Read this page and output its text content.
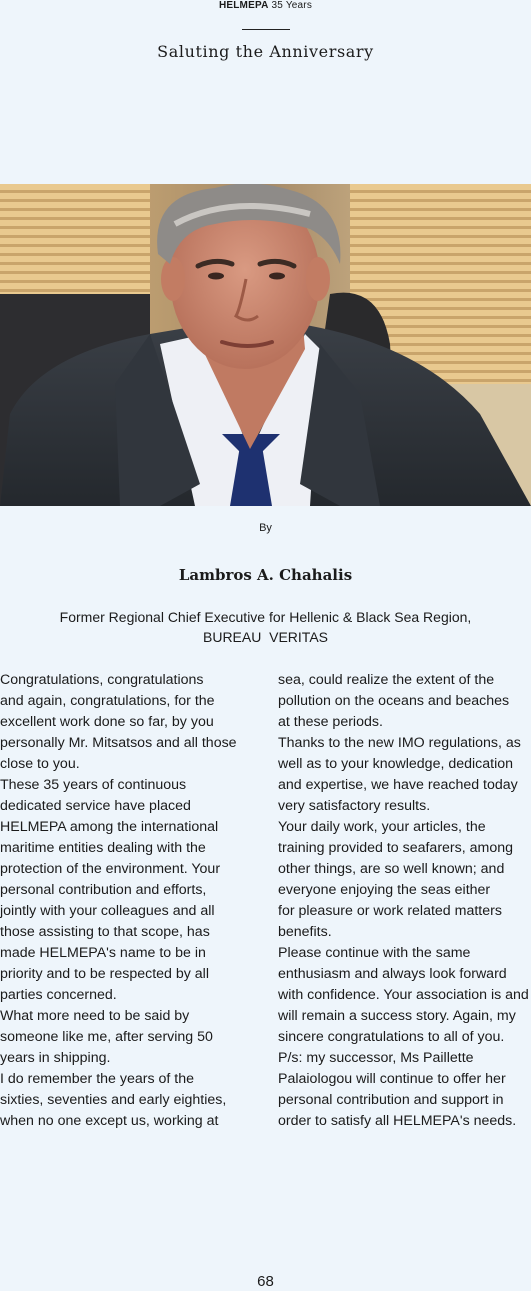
HELMEPA 35 Years
Saluting the Anniversary
By
Lambros A. Chahalis
Former Regional Chief Executive for Hellenic & Black Sea Region,
BUREAU  VERITAS
Congratulations, congratulations
and again, congratulations, for the
excellent work done so far, by you
personally Mr. Mitsatsos and all those
close to you.
These 35 years of continuous
dedicated service have placed
HELMEPA among the international
maritime entities dealing with the
protection of the environment. Your
personal contribution and efforts,
jointly with your colleagues and all
those assisting to that scope, has
made HELMEPA's name to be in
priority and to be respected by all
parties concerned.
What more need to be said by
someone like me, after serving 50
years in shipping.
I do remember the years of the
sixties, seventies and early eighties,
when no one except us, working at
sea, could realize the extent of the
pollution on the oceans and beaches
at these periods.
Thanks to the new IMO regulations, as
well as to your knowledge, dedication
and expertise, we have reached today
very satisfactory results.
Your daily work, your articles, the
training provided to seafarers, among
other things, are so well known; and
everyone enjoying the seas either
for pleasure or work related matters
benefits.
Please continue with the same
enthusiasm and always look forward
with confidence. Your association is and
will remain a success story. Again, my
sincere congratulations to all of you.
P/s: my successor, Ms Paillette
Palaiologou will continue to offer her
personal contribution and support in
order to satisfy all HELMEPA's needs.
68
